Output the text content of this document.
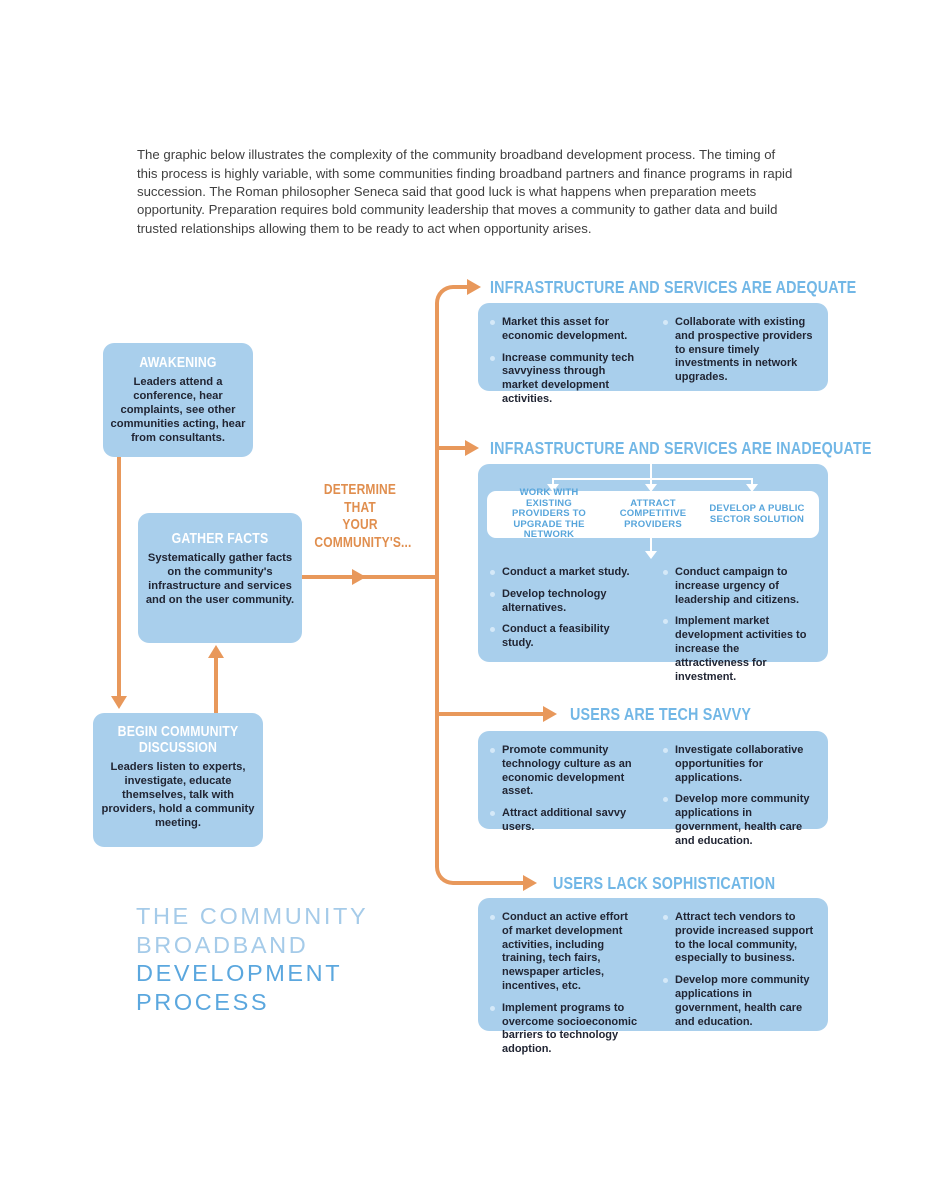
The graphic below illustrates the complexity of the community broadband development process. The timing of this process is highly variable, with some communities finding broadband partners and finance programs in rapid succession. The Roman philosopher Seneca said that good luck is what happens when preparation meets opportunity. Preparation requires bold community leadership that moves a community to gather data and build trusted relationships allowing them to be ready to act when opportunity arises.

AWAKENING
Leaders attend a conference, hear complaints, see other communities acting, hear from consultants.
GATHER FACTS
Systematically gather facts on the community's infrastructure and services and on the user community.
BEGIN COMMUNITY DISCUSSION
Leaders listen to experts, investigate, educate themselves, talk with providers, hold a community meeting.
DETERMINE
THAT
YOUR
COMMUNITY'S...
INFRASTRUCTURE AND SERVICES ARE ADEQUATE
Market this asset for economic development.
Increase community tech savvyiness through market development activities.
Collaborate with existing and prospective providers to ensure timely investments in network upgrades.
INFRASTRUCTURE AND SERVICES ARE INADEQUATE
WORK WITH EXISTING PROVIDERS TO UPGRADE THE NETWORK
ATTRACT COMPETITIVE PROVIDERS
DEVELOP A PUBLIC SECTOR SOLUTION
Conduct a market study.
Develop technology alternatives.
Conduct a feasibility study.
Conduct campaign to increase urgency of leadership and citizens.
Implement market development activities to increase the attractiveness for investment.
USERS ARE TECH SAVVY
Promote community technology culture as an economic development asset.
Attract additional savvy users.
Investigate collaborative opportunities for applications.
Develop more community applications in government, health care and education.
USERS LACK SOPHISTICATION
Conduct an active effort of market development activities, including training, tech fairs, newspaper articles, incentives, etc.
Implement programs to overcome socioeconomic barriers to technology adoption.
Attract tech vendors to provide increased support to the local community, especially to business.
Develop more community applications in government, health care and education.
THE COMMUNITY
BROADBAND
DEVELOPMENT
PROCESS
